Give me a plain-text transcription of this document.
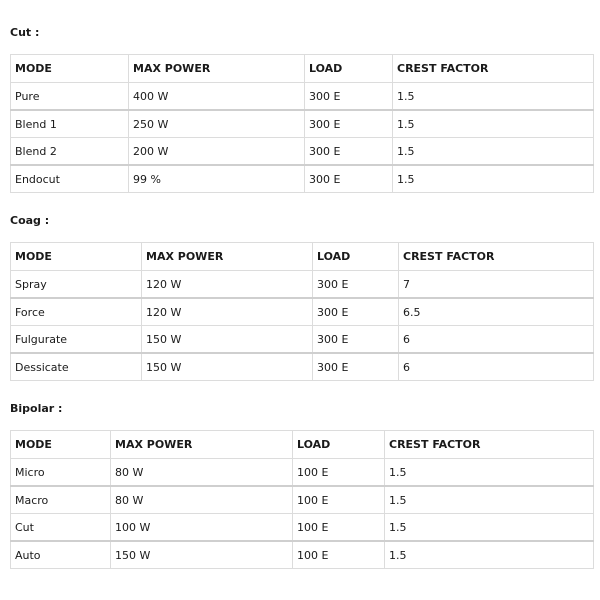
Cut :
MODE	MAX POWER	LOAD	CREST FACTOR
Pure	400 W	300 E	1.5
Blend 1	250 W	300 E	1.5
Blend 2	200 W	300 E	1.5
Endocut	99 %	300 E	1.5
Coag :
MODE	MAX POWER	LOAD	CREST FACTOR
Spray	120 W	300 E	7
Force	120 W	300 E	6.5
Fulgurate	150 W	300 E	6
Dessicate	150 W	300 E	6
Bipolar :
MODE	MAX POWER	LOAD	CREST FACTOR
Micro	80 W	100 E	1.5
Macro	80 W	100 E	1.5
Cut	100 W	100 E	1.5
Auto	150 W	100 E	1.5
